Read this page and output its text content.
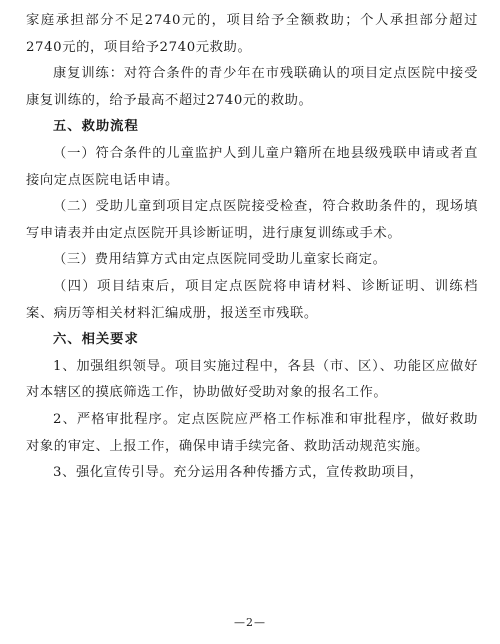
家庭承担部分不足2740元的，项目给予全额救助；个人承担部分超过2740元的，项目给予2740元救助。

康复训练：对符合条件的青少年在市残联确认的项目定点医院中接受康复训练的，给予最高不超过2740元的救助。

五、救助流程

（一）符合条件的儿童监护人到儿童户籍所在地县级残联申请或者直接向定点医院电话申请。

（二）受助儿童到项目定点医院接受检查，符合救助条件的，现场填写申请表并由定点医院开具诊断证明，进行康复训练或手术。

（三）费用结算方式由定点医院同受助儿童家长商定。

（四）项目结束后，项目定点医院将申请材料、诊断证明、训练档案、病历等相关材料汇编成册，报送至市残联。

六、相关要求

1、加强组织领导。项目实施过程中，各县（市、区）、功能区应做好对本辖区的摸底筛选工作，协助做好受助对象的报名工作。

2、严格审批程序。定点医院应严格工作标准和审批程序，做好救助对象的审定、上报工作，确保申请手续完备、救助活动规范实施。

3、强化宣传引导。充分运用各种传播方式，宣传救助项目，

—2—
